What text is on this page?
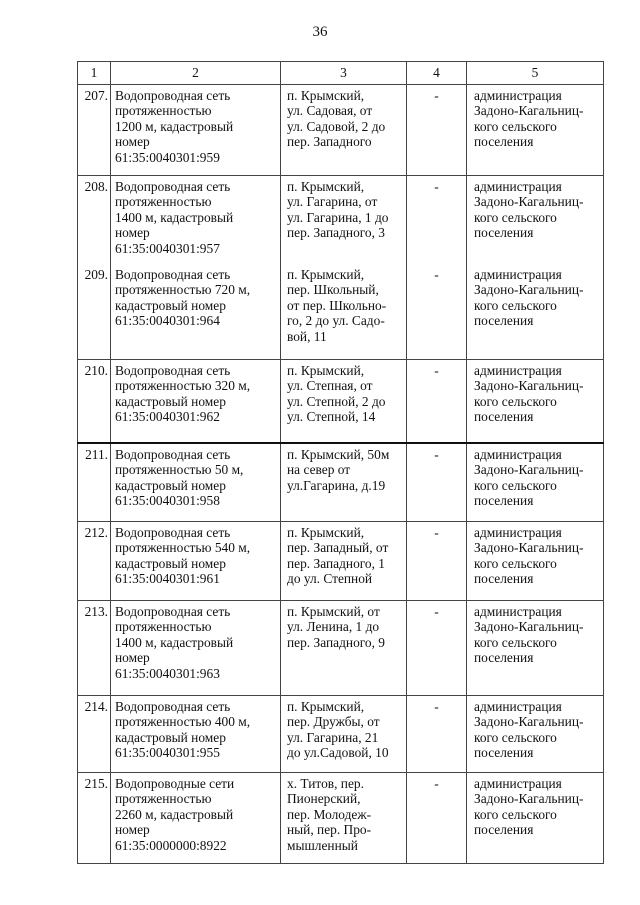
36
1	2	3	4	5
207.	Водопроводная сеть
протяженностью
1200 м, кадастровый
номер
61:35:0040301:959	п. Крымский,
ул. Садовая, от
ул. Садовой, 2 до
пер. Западного	-	администрация
Задоно-Кагальниц-
кого сельского
поселения

208.	Водопроводная сеть
протяженностью
1400 м, кадастровый
номер
61:35:0040301:957	п. Крымский,
ул. Гагарина, от
ул. Гагарина, 1 до
пер. Западного, 3	-	администрация
Задоно-Кагальниц-
кого сельского
поселения

209.	Водопроводная сеть
протяженностью 720 м,
кадастровый номер
61:35:0040301:964	п. Крымский,
пер. Школьный,
от пер. Школьно-
го, 2 до ул. Садо-
вой, 11	-	администрация
Задоно-Кагальниц-
кого сельского
поселения

210.	Водопроводная сеть
протяженностью 320 м,
кадастровый номер
61:35:0040301:962	п. Крымский,
ул. Степная, от
ул. Степной, 2 до
ул. Степной, 14	-	администрация
Задоно-Кагальниц-
кого сельского
поселения

211.	Водопроводная сеть
протяженностью 50 м,
кадастровый номер
61:35:0040301:958	п. Крымский, 50м
на север от
ул.Гагарина, д.19	-	администрация
Задоно-Кагальниц-
кого сельского
поселения

212.	Водопроводная сеть
протяженностью 540 м,
кадастровый номер
61:35:0040301:961	п. Крымский,
пер. Западный, от
пер. Западного, 1
до ул. Степной	-	администрация
Задоно-Кагальниц-
кого сельского
поселения

213.	Водопроводная сеть
протяженностью
1400 м, кадастровый
номер
61:35:0040301:963	п. Крымский, от
ул. Ленина, 1 до
пер. Западного, 9	-	администрация
Задоно-Кагальниц-
кого сельского
поселения

214.	Водопроводная сеть
протяженностью 400 м,
кадастровый номер
61:35:0040301:955	п. Крымский,
пер. Дружбы, от
ул. Гагарина, 21
до ул.Садовой, 10	-	администрация
Задоно-Кагальниц-
кого сельского
поселения

215.	Водопроводные сети
протяженностью
2260 м, кадастровый
номер
61:35:0000000:8922	х. Титов, пер.
Пионерский,
пер. Молодеж-
ный, пер. Про-
мышленный	-	администрация
Задоно-Кагальниц-
кого сельского
поселения
